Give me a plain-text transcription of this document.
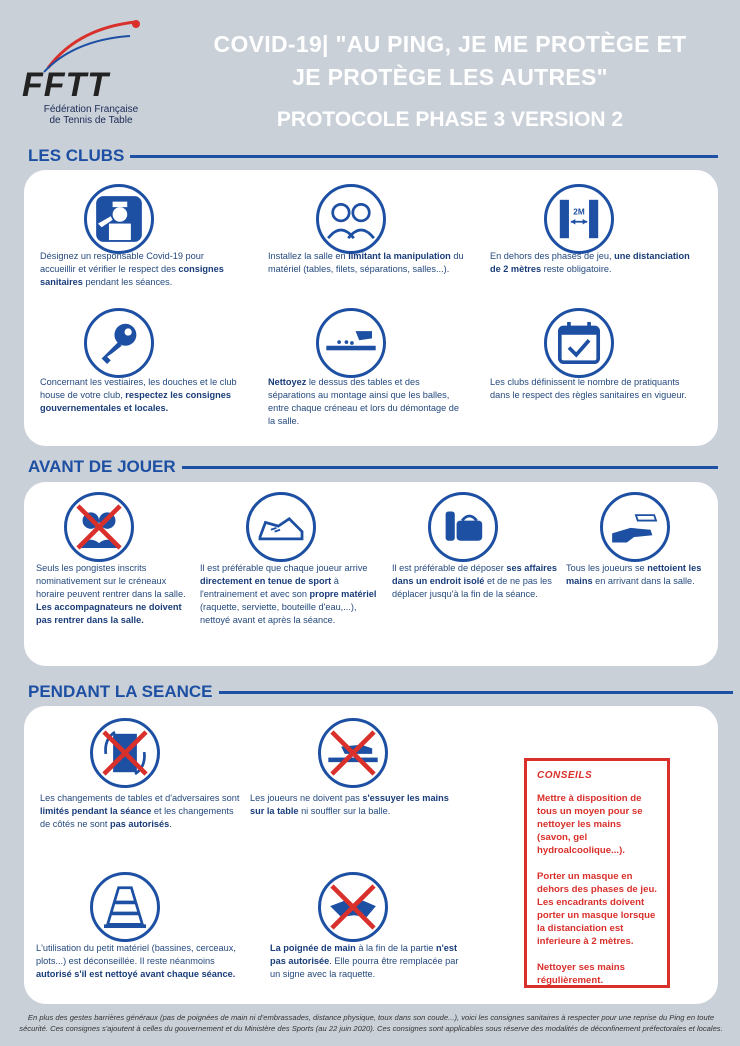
FFTT
Fédération Française
de Tennis de Table
COVID-19| "AU PING, JE ME PROTÈGE ET
JE PROTÈGE LES AUTRES"
PROTOCOLE PHASE 3 VERSION 2
LES CLUBS
Désignez un responsable Covid-19 pour accueillir et vérifier le respect des consignes sanitaires pendant les séances.
Installez la salle en limitant la manipulation du matériel (tables, filets, séparations, salles...).
2M
En dehors des phases de jeu, une distanciation de 2 mètres reste obligatoire.
Concernant les vestiaires, les douches et le club house de votre club, respectez les consignes gouvernementales et locales.
Nettoyez le dessus des tables et des séparations au montage ainsi que les balles, entre chaque créneau et lors du démontage de la salle.
Les clubs définissent le nombre de pratiquants dans le respect des règles sanitaires en vigueur.
AVANT DE JOUER
Seuls les pongistes inscrits nominativement sur le créneaux horaire peuvent rentrer dans la salle. Les accompagnateurs ne doivent pas rentrer dans la salle.
Il est préférable que chaque joueur arrive directement en tenue de sport à l'entrainement et avec son propre matériel (raquette, serviette, bouteille d'eau,...), nettoyé avant et après la séance.
Il est préférable de déposer ses affaires dans un endroit isolé et de ne pas les déplacer jusqu'à la fin de la séance.
Tous les joueurs se nettoient les mains en arrivant dans la salle.
PENDANT LA SEANCE
Les changements de tables et d'adversaires sont limités pendant la séance et les changements de côtés ne sont pas autorisés.
Les joueurs ne doivent pas s'essuyer les mains sur la table ni souffler sur la balle.
L'utilisation du petit matériel (bassines, cerceaux, plots...) est déconseillée. Il reste néanmoins autorisé s'il est nettoyé avant chaque séance.
La poignée de main à la fin de la partie n'est pas autorisée. Elle pourra être remplacée par un signe avec la raquette.
CONSEILS

Mettre à disposition de tous un moyen pour se nettoyer les mains (savon, gel hydroalcoolique...).

Porter un masque en dehors des phases de jeu. Les encadrants doivent porter un masque lorsque la distanciation est inferieure à 2 mètres.

Nettoyer ses mains régulièrement.

En plus des gestes barrières généraux (pas de poignées de main ni d'embrassades, distance physique, toux dans son coude...), voici les consignes sanitaires à respecter pour une reprise du Ping en toute sécurité. Ces consignes s'ajoutent à celles du gouvernement et du Ministère des Sports (au 22 juin 2020). Ces consignes sont applicables sous réserve des modalités de déconfinement préfectorales et locales.
